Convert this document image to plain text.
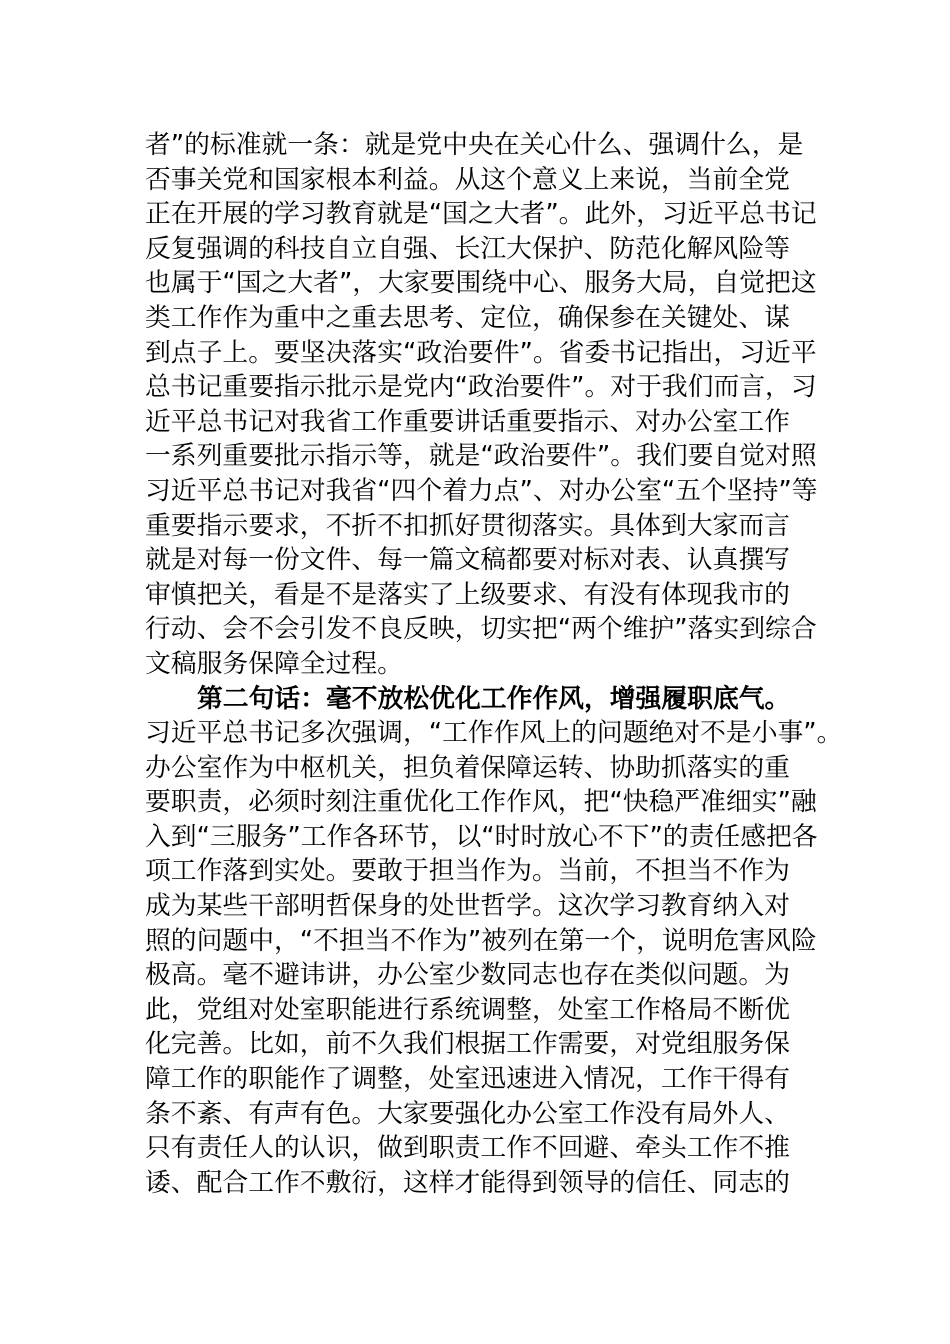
者”的标准就一条：就是党中央在关心什么、强调什么，是
否事关党和国家根本利益。从这个意义上来说，当前全党
正在开展的学习教育就是“国之大者”。此外，习近平总书记
反复强调的科技自立自强、长江大保护、防范化解风险等
也属于“国之大者”，大家要围绕中心、服务大局，自觉把这
类工作作为重中之重去思考、定位，确保参在关键处、谋
到点子上。要坚决落实“政治要件”。省委书记指出，习近平
总书记重要指示批示是党内“政治要件”。对于我们而言，习
近平总书记对我省工作重要讲话重要指示、对办公室工作
一系列重要批示指示等，就是“政治要件”。我们要自觉对照
习近平总书记对我省“四个着力点”、对办公室“五个坚持”等
重要指示要求，不折不扣抓好贯彻落实。具体到大家而言
就是对每一份文件、每一篇文稿都要对标对表、认真撰写
审慎把关，看是不是落实了上级要求、有没有体现我市的
行动、会不会引发不良反映，切实把“两个维护”落实到综合
文稿服务保障全过程。
第二句话：毫不放松优化工作作风，增强履职底气。
习近平总书记多次强调，“工作作风上的问题绝对不是小事”。
办公室作为中枢机关，担负着保障运转、协助抓落实的重
要职责，必须时刻注重优化工作作风，把“快稳严准细实”融
入到“三服务”工作各环节，以“时时放心不下”的责任感把各
项工作落到实处。要敢于担当作为。当前，不担当不作为
成为某些干部明哲保身的处世哲学。这次学习教育纳入对
照的问题中，“不担当不作为”被列在第一个，说明危害风险
极高。毫不避讳讲，办公室少数同志也存在类似问题。为
此，党组对处室职能进行系统调整，处室工作格局不断优
化完善。比如，前不久我们根据工作需要，对党组服务保
障工作的职能作了调整，处室迅速进入情况，工作干得有
条不紊、有声有色。大家要强化办公室工作没有局外人、
只有责任人的认识，做到职责工作不回避、牵头工作不推
诿、配合工作不敷衍，这样才能得到领导的信任、同志的
